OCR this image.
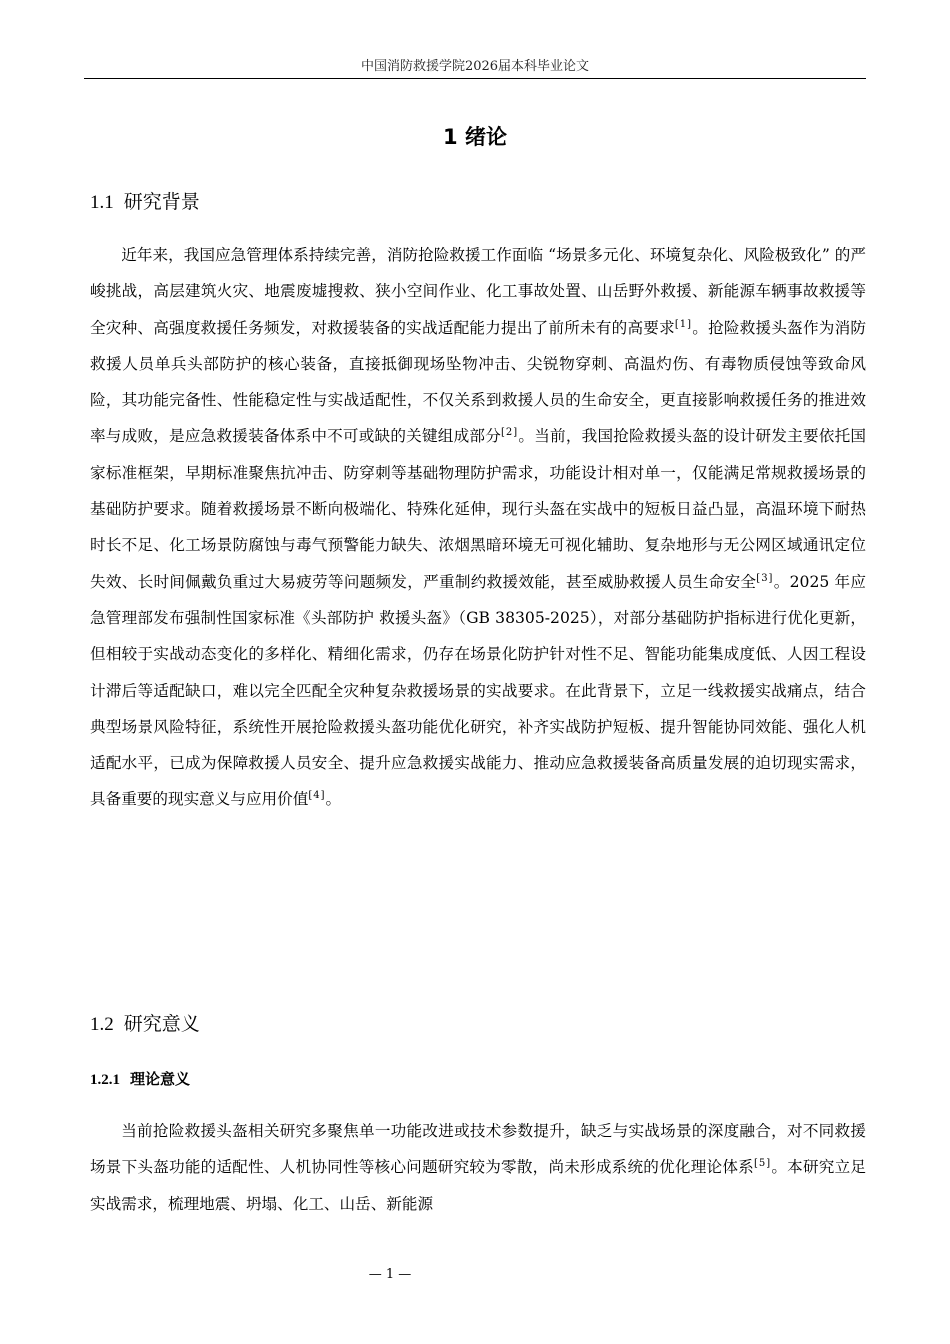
中国消防救援学院2026届本科毕业论文
1 绪论
1.1 研究背景

近年来，我国应急管理体系持续完善，消防抢险救援工作面临 “场景多元化、环境复杂化、风险极致化” 的严峻挑战，高层建筑火灾、地震废墟搜救、狭小空间作业、化工事故处置、山岳野外救援、新能源车辆事故救援等全灾种、高强度救援任务频发，对救援装备的实战适配能力提出了前所未有的高要求[1]。抢险救援头盔作为消防救援人员单兵头部防护的核心装备，直接抵御现场坠物冲击、尖锐物穿刺、高温灼伤、有毒物质侵蚀等致命风险，其功能完备性、性能稳定性与实战适配性，不仅关系到救援人员的生命安全，更直接影响救援任务的推进效率与成败，是应急救援装备体系中不可或缺的关键组成部分[2]。当前，我国抢险救援头盔的设计研发主要依托国家标准框架，早期标准聚焦抗冲击、防穿刺等基础物理防护需求，功能设计相对单一，仅能满足常规救援场景的基础防护要求。随着救援场景不断向极端化、特殊化延伸，现行头盔在实战中的短板日益凸显，高温环境下耐热时长不足、化工场景防腐蚀与毒气预警能力缺失、浓烟黑暗环境无可视化辅助、复杂地形与无公网区域通讯定位失效、长时间佩戴负重过大易疲劳等问题频发，严重制约救援效能，甚至威胁救援人员生命安全[3]。2025 年应急管理部发布强制性国家标准《头部防护 救援头盔》（GB 38305-2025），对部分基础防护指标进行优化更新，但相较于实战动态变化的多样化、精细化需求，仍存在场景化防护针对性不足、智能功能集成度低、人因工程设计滞后等适配缺口，难以完全匹配全灾种复杂救援场景的实战要求。在此背景下，立足一线救援实战痛点，结合典型场景风险特征，系统性开展抢险救援头盔功能优化研究，补齐实战防护短板、提升智能协同效能、强化人机适配水平，已成为保障救援人员安全、提升应急救援实战能力、推动应急救援装备高质量发展的迫切现实需求，具备重要的现实意义与应用价值[4]。

1.2 研究意义
1.2.1 理论意义

当前抢险救援头盔相关研究多聚焦单一功能改进或技术参数提升，缺乏与实战场景的深度融合，对不同救援场景下头盔功能的适配性、人机协同性等核心问题研究较为零散，尚未形成系统的优化理论体系[5]。本研究立足实战需求，梳理地震、坍塌、化工、山岳、新能源

— 1 —
